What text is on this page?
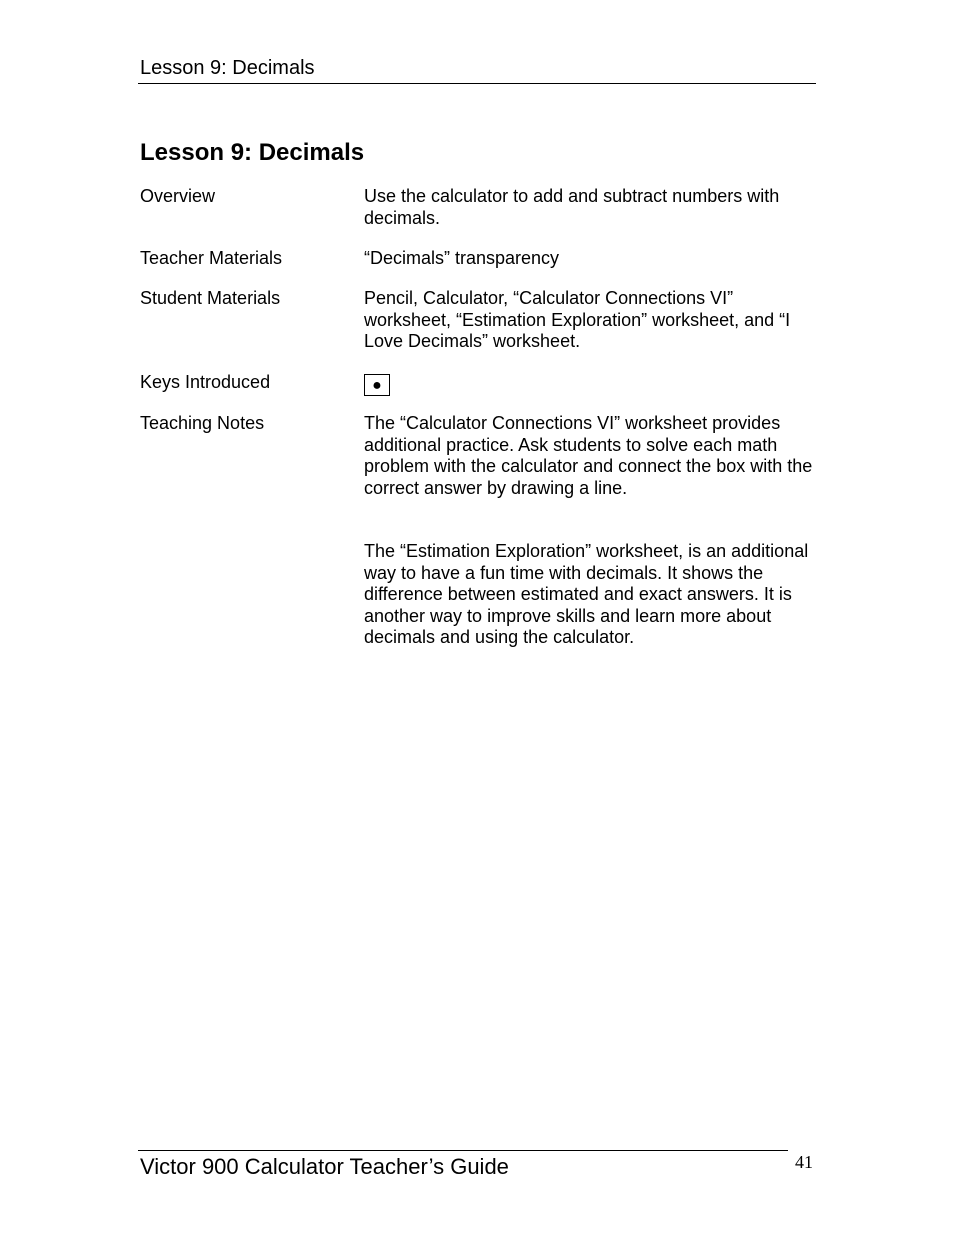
Lesson 9: Decimals
Lesson 9: Decimals
Overview	Use the calculator to add and subtract numbers with decimals.

Teacher Materials	“Decimals” transparency

Student Materials	Pencil, Calculator, “Calculator Connections VI” worksheet, “Estimation Exploration” worksheet, and “I Love Decimals” worksheet.

Keys Introduced	●
Teaching Notes	The “Calculator Connections VI” worksheet provides additional practice. Ask students to solve each math problem with the calculator and connect the box with the correct answer by drawing a line.

The “Estimation Exploration” worksheet, is an additional way to have a fun time with decimals. It shows the difference between estimated and exact answers. It is another way to improve skills and learn more about decimals and using the calculator.

Victor 900 Calculator Teacher’s Guide	41
